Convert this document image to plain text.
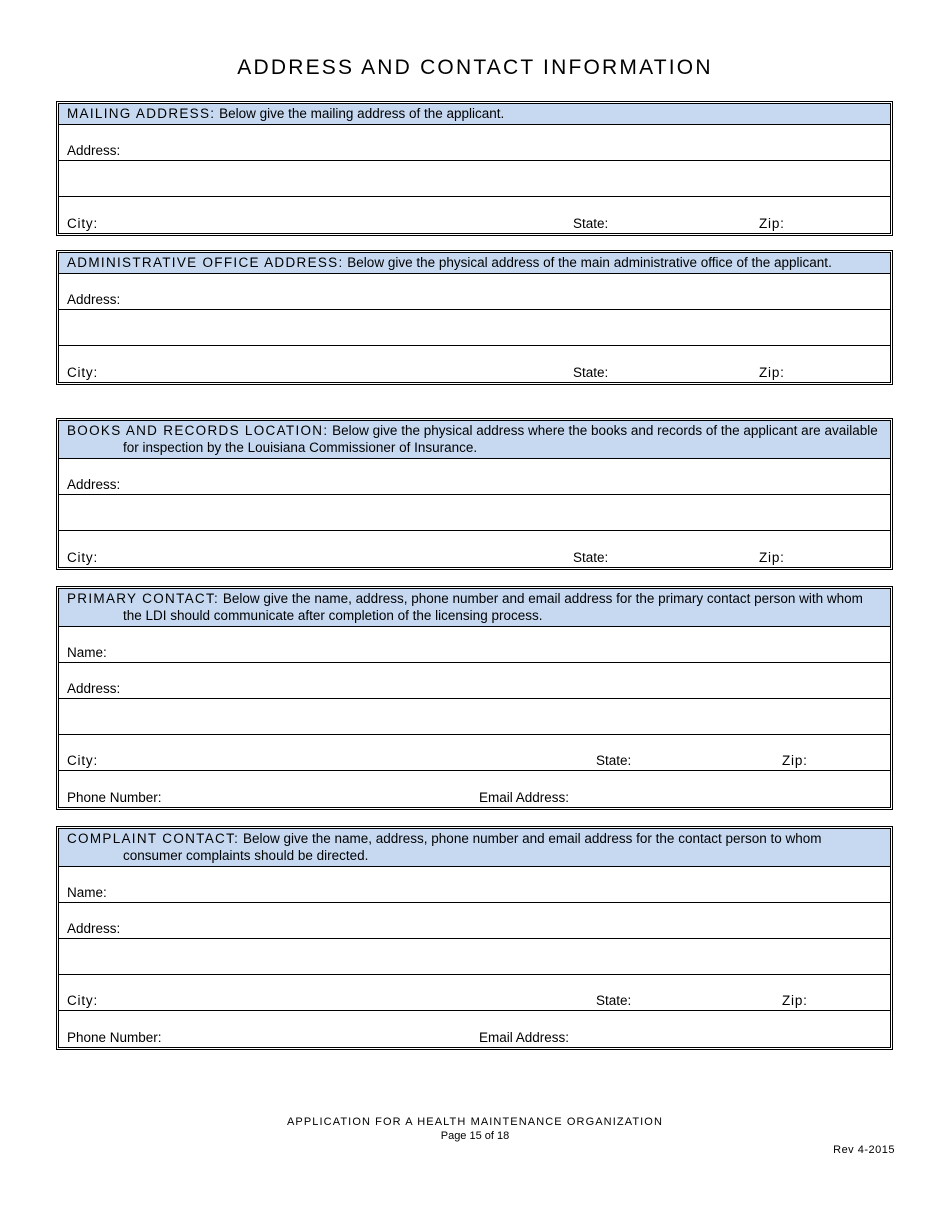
ADDRESS AND CONTACT INFORMATION
MAILING ADDRESS: Below give the mailing address of the applicant.
Address:
City:	State:	Zip:
ADMINISTRATIVE OFFICE ADDRESS: Below give the physical address of the main administrative office of the applicant.
Address:
City:	State:	Zip:
BOOKS AND RECORDS LOCATION: Below give the physical address where the books and records of the applicant are available for inspection by the Louisiana Commissioner of Insurance.
Address:
City:	State:	Zip:
PRIMARY CONTACT: Below give the name, address, phone number and email address for the primary contact person with whom the LDI should communicate after completion of the licensing process.
Name:
Address:
City:	State:	Zip:
Phone Number:	Email Address:
COMPLAINT CONTACT: Below give the name, address, phone number and email address for the contact person to whom consumer complaints should be directed.
Name:
Address:
City:	State:	Zip:
Phone Number:	Email Address:
APPLICATION FOR A HEALTH MAINTENANCE ORGANIZATION
Page 15 of 18
Rev 4-2015
